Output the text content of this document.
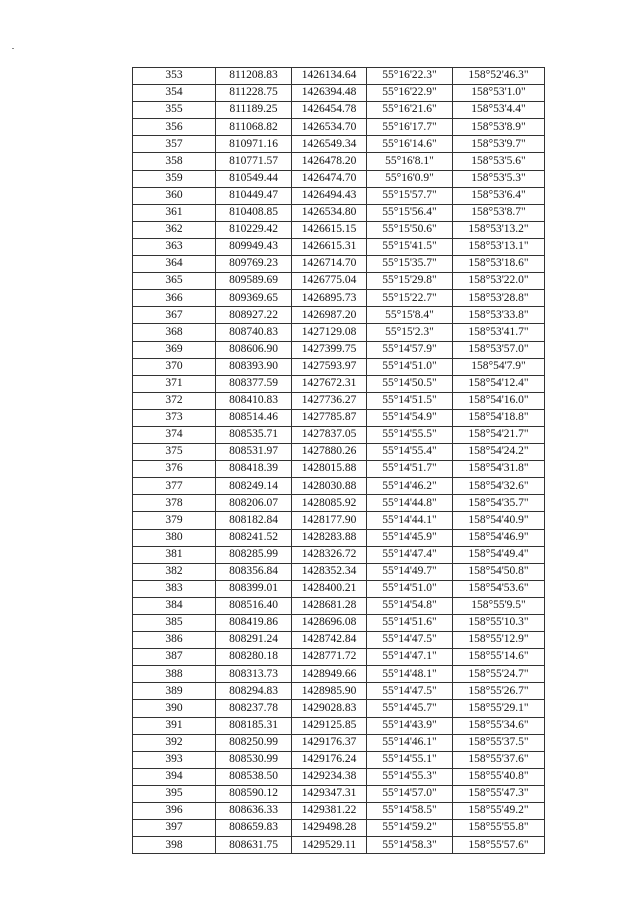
353	811208.83	1426134.64	55°16'22.3"	158°52'46.3"
354	811228.75	1426394.48	55°16'22.9"	158°53'1.0"
355	811189.25	1426454.78	55°16'21.6"	158°53'4.4"
356	811068.82	1426534.70	55°16'17.7"	158°53'8.9"
357	810971.16	1426549.34	55°16'14.6"	158°53'9.7"
358	810771.57	1426478.20	55°16'8.1"	158°53'5.6"
359	810549.44	1426474.70	55°16'0.9"	158°53'5.3"
360	810449.47	1426494.43	55°15'57.7"	158°53'6.4"
361	810408.85	1426534.80	55°15'56.4"	158°53'8.7"
362	810229.42	1426615.15	55°15'50.6"	158°53'13.2"
363	809949.43	1426615.31	55°15'41.5"	158°53'13.1"
364	809769.23	1426714.70	55°15'35.7"	158°53'18.6"
365	809589.69	1426775.04	55°15'29.8"	158°53'22.0"
366	809369.65	1426895.73	55°15'22.7"	158°53'28.8"
367	808927.22	1426987.20	55°15'8.4"	158°53'33.8"
368	808740.83	1427129.08	55°15'2.3"	158°53'41.7"
369	808606.90	1427399.75	55°14'57.9"	158°53'57.0"
370	808393.90	1427593.97	55°14'51.0"	158°54'7.9"
371	808377.59	1427672.31	55°14'50.5"	158°54'12.4"
372	808410.83	1427736.27	55°14'51.5"	158°54'16.0"
373	808514.46	1427785.87	55°14'54.9"	158°54'18.8"
374	808535.71	1427837.05	55°14'55.5"	158°54'21.7"
375	808531.97	1427880.26	55°14'55.4"	158°54'24.2"
376	808418.39	1428015.88	55°14'51.7"	158°54'31.8"
377	808249.14	1428030.88	55°14'46.2"	158°54'32.6"
378	808206.07	1428085.92	55°14'44.8"	158°54'35.7"
379	808182.84	1428177.90	55°14'44.1"	158°54'40.9"
380	808241.52	1428283.88	55°14'45.9"	158°54'46.9"
381	808285.99	1428326.72	55°14'47.4"	158°54'49.4"
382	808356.84	1428352.34	55°14'49.7"	158°54'50.8"
383	808399.01	1428400.21	55°14'51.0"	158°54'53.6"
384	808516.40	1428681.28	55°14'54.8"	158°55'9.5"
385	808419.86	1428696.08	55°14'51.6"	158°55'10.3"
386	808291.24	1428742.84	55°14'47.5"	158°55'12.9"
387	808280.18	1428771.72	55°14'47.1"	158°55'14.6"
388	808313.73	1428949.66	55°14'48.1"	158°55'24.7"
389	808294.83	1428985.90	55°14'47.5"	158°55'26.7"
390	808237.78	1429028.83	55°14'45.7"	158°55'29.1"
391	808185.31	1429125.85	55°14'43.9"	158°55'34.6"
392	808250.99	1429176.37	55°14'46.1"	158°55'37.5"
393	808530.99	1429176.24	55°14'55.1"	158°55'37.6"
394	808538.50	1429234.38	55°14'55.3"	158°55'40.8"
395	808590.12	1429347.31	55°14'57.0"	158°55'47.3"
396	808636.33	1429381.22	55°14'58.5"	158°55'49.2"
397	808659.83	1429498.28	55°14'59.2"	158°55'55.8"
398	808631.75	1429529.11	55°14'58.3"	158°55'57.6"
